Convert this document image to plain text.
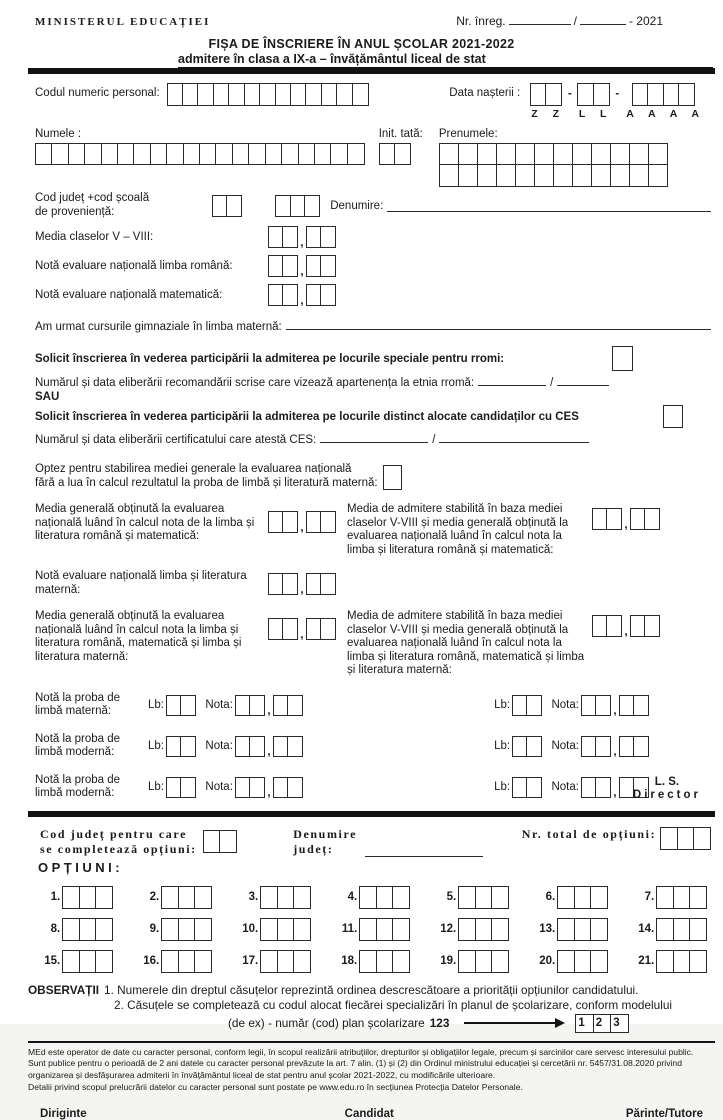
MINISTERUL EDUCAȚIEI	Nr. înreg.	/	- 2021
FIȘA DE ÎNSCRIERE ÎN ANUL ȘCOLAR 2021-2022
admitere în clasa a IX-a – învățământul liceal de stat
Codul numeric personal:	Data nașterii :
Z Z
-
L L
-
A A A A
Numele :	Init. tată: Prenumele:
Cod județ +cod școală
de proveniență:	Denumire:
Media claselor V – VIII:	,
Notă evaluare națională limba română:	,
Notă evaluare națională matematică:	,
Am urmat cursurile gimnaziale în limba maternă:
Solicit înscrierea în vederea participării la admiterea pe locurile speciale pentru rromi:
Numărul și data eliberării recomandării scrise care vizează apartenența la etnia rromă:	/
SAU
Solicit înscrierea în vederea participării la admiterea pe locurile distinct alocate candidaților cu CES
Numărul și data eliberării certificatului care atestă CES:	/
Optez pentru stabilirea mediei generale la evaluarea națională
fără a lua în calcul rezultatul la proba de limbă și literatură maternă:
Media generală obținută la evaluarea națională luând în calcul nota de la limba și literatura română și matematică:
,
Media de admitere stabilită în baza mediei claselor V-VIII și media generală obținută la evaluarea națională luând în calcul nota la limba și literatura română și matematică:
,
Notă evaluare națională limba și literatura maternă:	,
Media generală obținută la evaluarea națională luând în calcul nota la limba și literatura română, matematică și limba și literatura maternă:
,
Media de admitere stabilită în baza mediei claselor V-VIII și media generală obținută la evaluarea națională luând în calcul nota la limba și literatura română, matematică și limba și literatura maternă:
,
Notă la proba de
limbă maternă:	Lb:	Nota:	,	Lb:	Nota:	,
Notă la proba de
limbă modernă:	Lb:	Nota:	,	Lb:	Nota:	,
Notă la proba de
limbă modernă:	Lb:	Nota:	,	Lb:	Nota:	,
L. S.
Director
Cod județ pentru care
se completează opțiuni:
Denumire
județ:
Nr. total de opțiuni:
OPȚIUNI:
1.	2.	3.	4.	5.	6.	7.
8.	9.	10.	11.	12.	13.	14.
15.	16.	17.	18.	19.	20.	21.
OBSERVAȚII 1. Numerele din dreptul căsuțelor reprezintă ordinea descrescătoare a priorității opțiunilor candidatului.
2. Căsuțele se completează cu codul alocat fiecărei specializări în planul de școlarizare, conform modelului
(de ex) - număr (cod) plan școlarizare 123	1 2 3

MEd este operator de date cu caracter personal, conform legii, în scopul realizării atribuțiilor, drepturilor și obligațiilor legale, precum și sarcinilor care servesc interesului public. Sunt publice pentru o perioadă de 2 ani datele cu caracter personal prevăzute la art. 7 alin. (1) și (2) din Ordinul ministrului educației și cercetării nr. 5457/31.08.2020 privind organizarea și desfășurarea admiterii în învățământul liceal de stat pentru anul școlar 2021-2022, cu modificările ulterioare.

Detalii privind scopul prelucrării datelor cu caracter personal sunt postate pe www.edu.ro în secțiunea Protecția Datelor Personale.

Diriginte	Candidat	Părinte/Tutore
